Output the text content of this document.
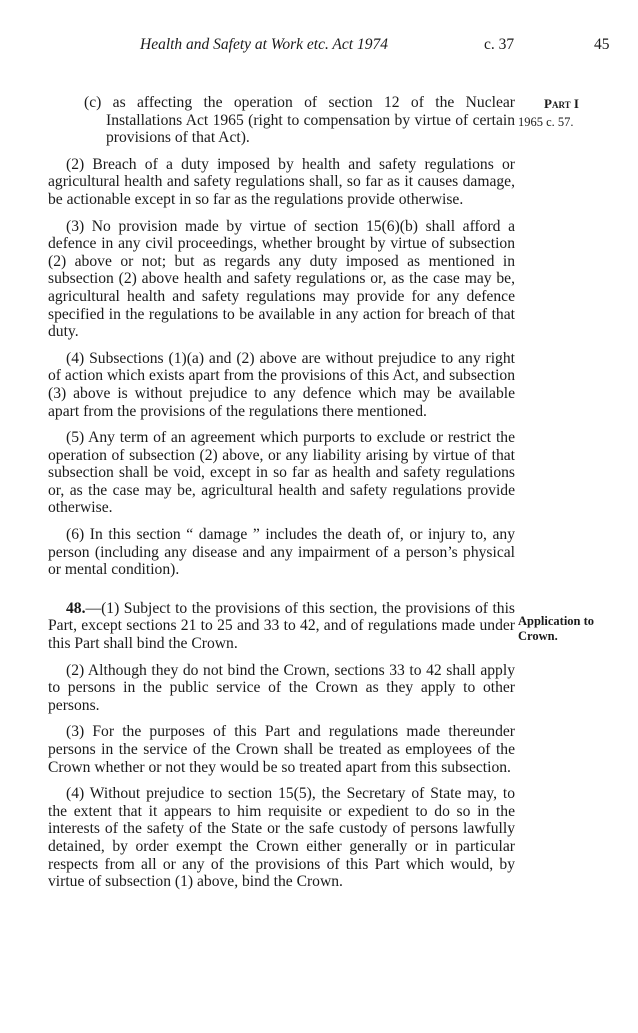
Health and Safety at Work etc. Act 1974	c. 37	45
Part I
1965 c. 57.
Application to Crown.

(c) as affecting the operation of section 12 of the Nuclear Installations Act 1965 (right to compensation by virtue of certain provisions of that Act).

(2) Breach of a duty imposed by health and safety regulations or agricultural health and safety regulations shall, so far as it causes damage, be actionable except in so far as the regulations provide otherwise.

(3) No provision made by virtue of section 15(6)(b) shall afford a defence in any civil proceedings, whether brought by virtue of subsection (2) above or not; but as regards any duty imposed as mentioned in subsection (2) above health and safety regulations or, as the case may be, agricultural health and safety regulations may provide for any defence specified in the regulations to be available in any action for breach of that duty.

(4) Subsections (1)(a) and (2) above are without prejudice to any right of action which exists apart from the provisions of this Act, and subsection (3) above is without prejudice to any defence which may be available apart from the provisions of the regulations there mentioned.

(5) Any term of an agreement which purports to exclude or restrict the operation of subsection (2) above, or any liability arising by virtue of that subsection shall be void, except in so far as health and safety regulations or, as the case may be, agricultural health and safety regulations provide otherwise.

(6) In this section “ damage ” includes the death of, or injury to, any person (including any disease and any impairment of a person’s physical or mental condition).

48.—(1) Subject to the provisions of this section, the provisions of this Part, except sections 21 to 25 and 33 to 42, and of regulations made under this Part shall bind the Crown.

(2) Although they do not bind the Crown, sections 33 to 42 shall apply to persons in the public service of the Crown as they apply to other persons.

(3) For the purposes of this Part and regulations made thereunder persons in the service of the Crown shall be treated as employees of the Crown whether or not they would be so treated apart from this subsection.

(4) Without prejudice to section 15(5), the Secretary of State may, to the extent that it appears to him requisite or expedient to do so in the interests of the safety of the State or the safe custody of persons lawfully detained, by order exempt the Crown either generally or in particular respects from all or any of the provisions of this Part which would, by virtue of subsection (1) above, bind the Crown.
